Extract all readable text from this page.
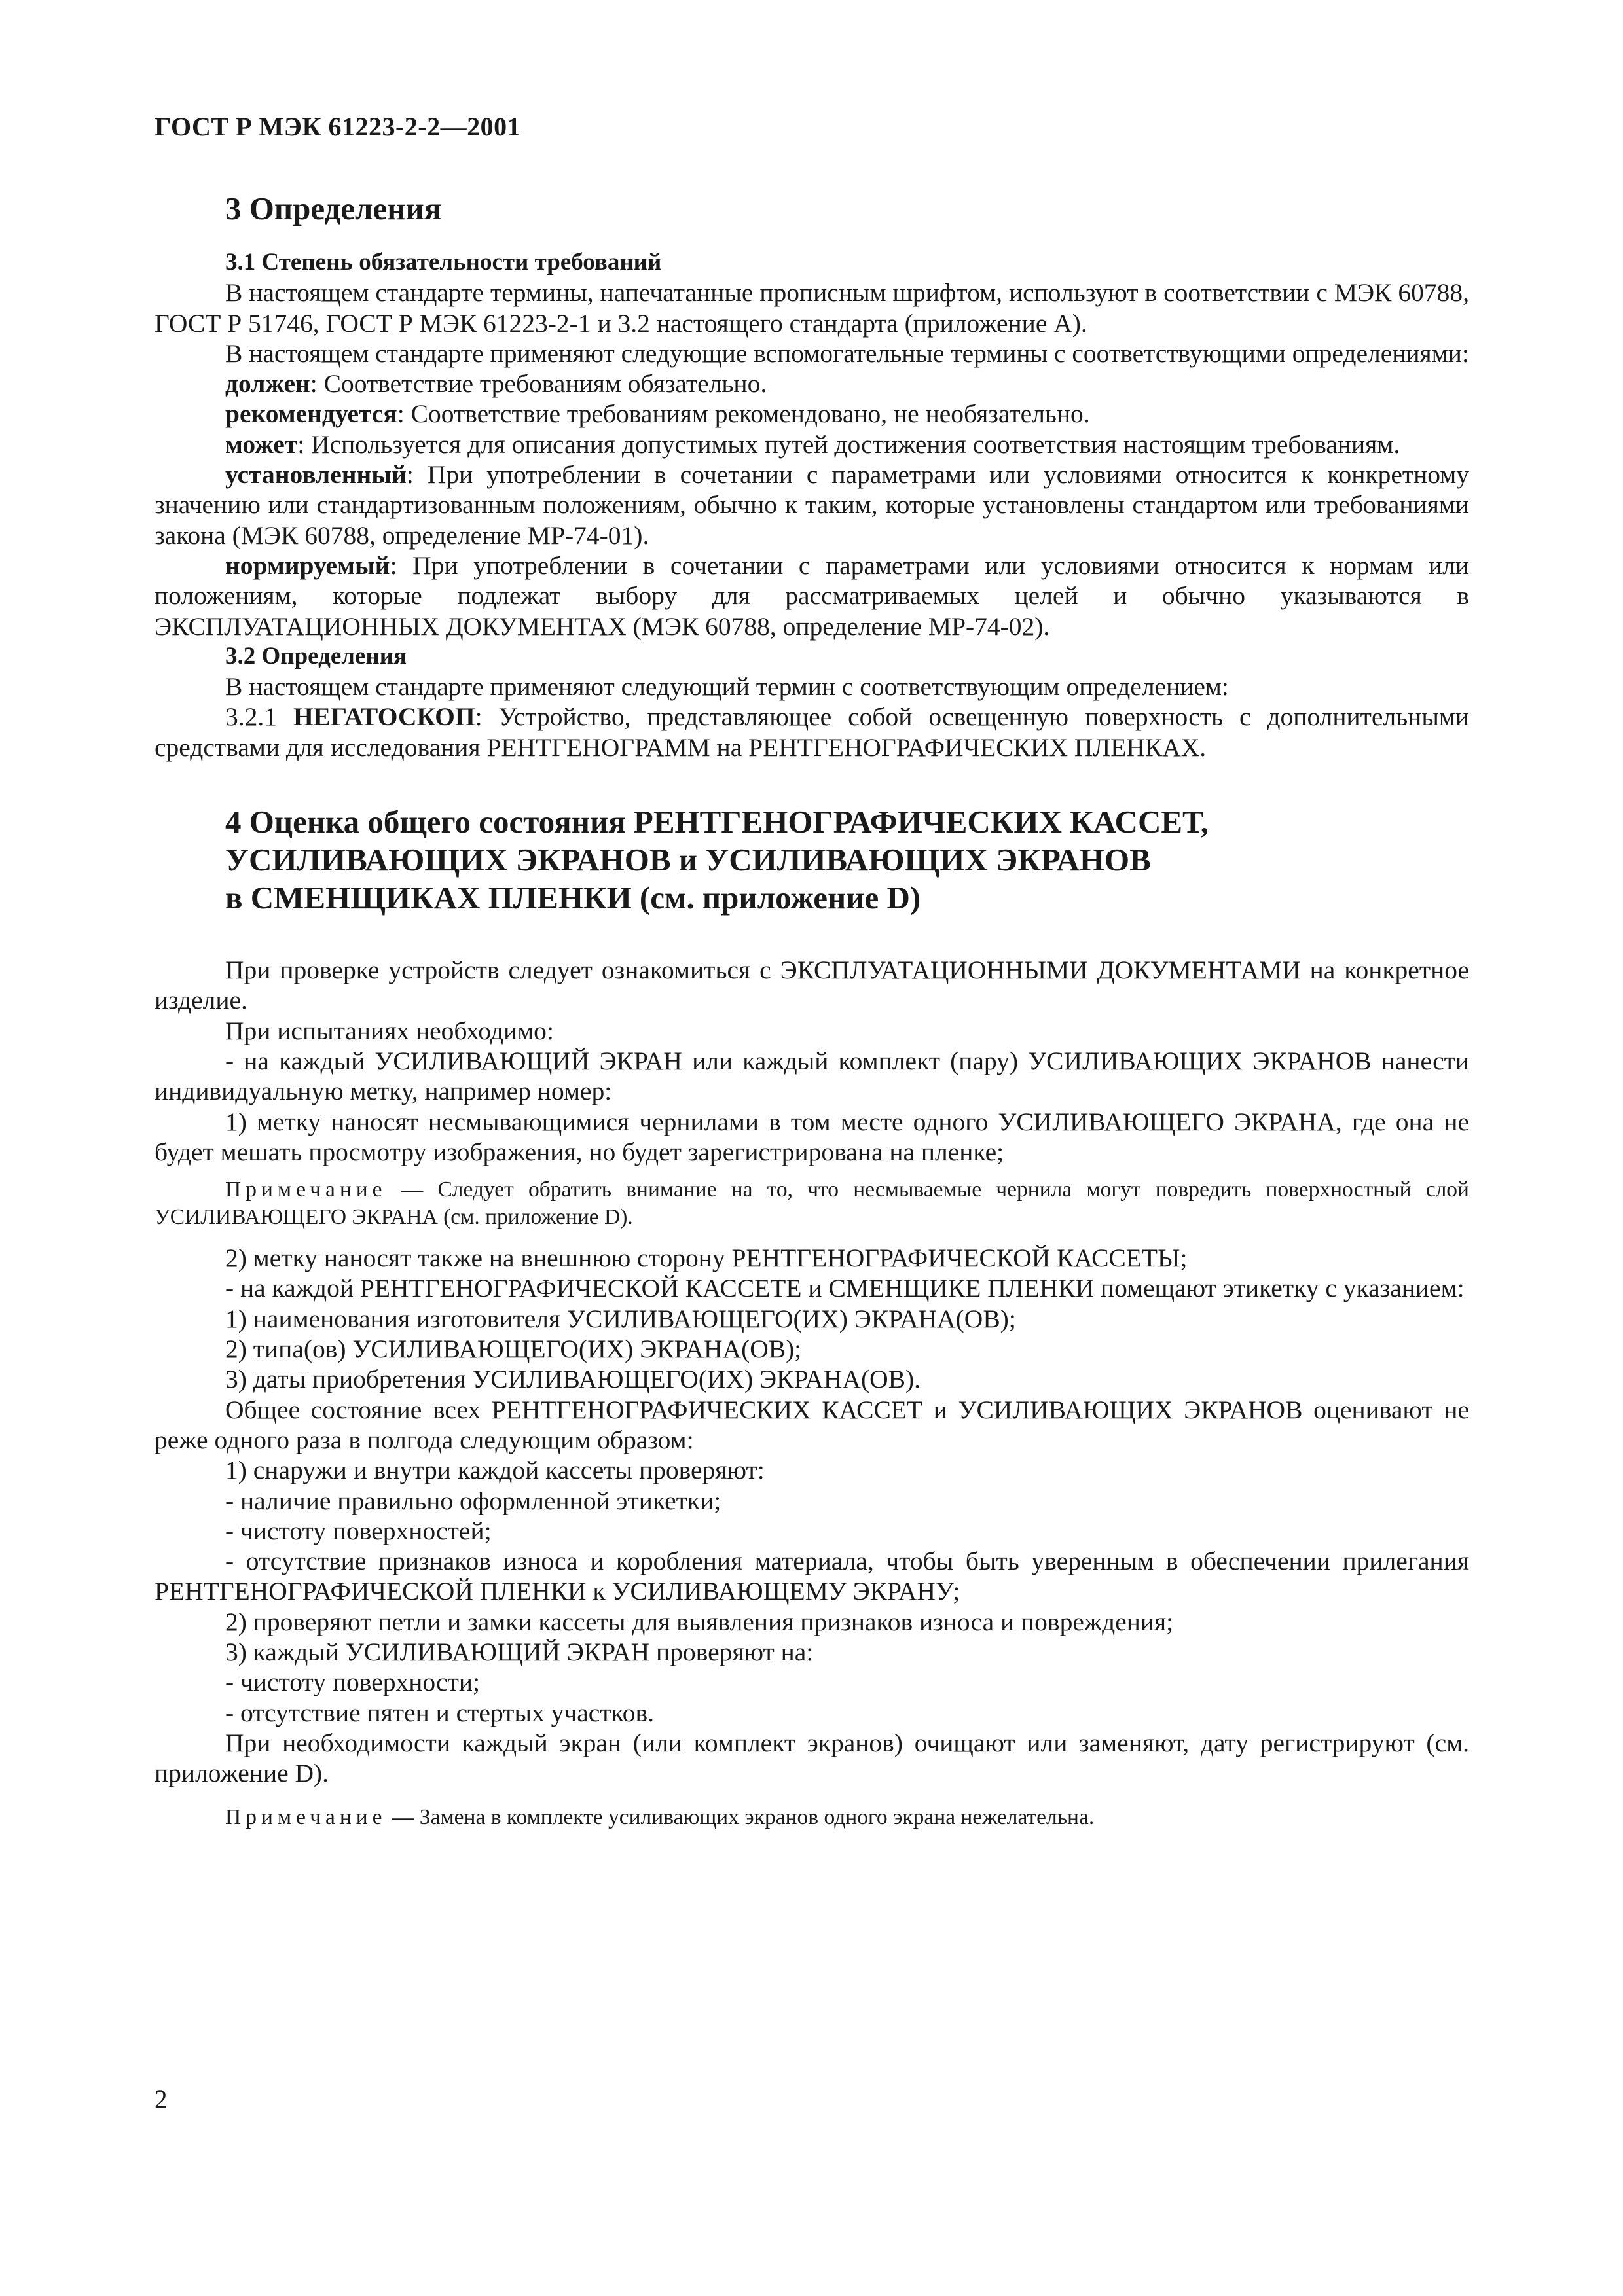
ГОСТ Р МЭК 61223-2-2—2001
3 Определения

3.1 Степень обязательности требований

В настоящем стандарте термины, напечатанные прописным шрифтом, используют в соответствии с МЭК 60788, ГОСТ Р 51746, ГОСТ Р МЭК 61223-2-1 и 3.2 настоящего стандарта (приложение А).

В настоящем стандарте применяют следующие вспомогательные термины с соответствующими определениями:

должен: Соответствие требованиям обязательно.

рекомендуется: Соответствие требованиям рекомендовано, не необязательно.

может: Используется для описания допустимых путей достижения соответствия настоящим требованиям.

установленный: При употреблении в сочетании с параметрами или условиями относится к конкретному значению или стандартизованным положениям, обычно к таким, которые установлены стандартом или требованиями закона (МЭК 60788, определение МР-74-01).

нормируемый: При употреблении в сочетании с параметрами или условиями относится к нормам или положениям, которые подлежат выбору для рассматриваемых целей и обычно указываются в ЭКСПЛУАТАЦИОННЫХ ДОКУМЕНТАХ (МЭК 60788, определение МР-74-02).

3.2 Определения

В настоящем стандарте применяют следующий термин с соответствующим определением:

3.2.1 НЕГАТОСКОП: Устройство, представляющее собой освещенную поверхность с дополнительными средствами для исследования РЕНТГЕНОГРАММ на РЕНТГЕНОГРАФИЧЕСКИХ ПЛЕНКАХ.

4 Оценка общего состояния РЕНТГЕНОГРАФИЧЕСКИХ КАССЕТ,
УСИЛИВАЮЩИХ ЭКРАНОВ и УСИЛИВАЮЩИХ ЭКРАНОВ
в СМЕНЩИКАХ ПЛЕНКИ (см. приложение D)

При проверке устройств следует ознакомиться с ЭКСПЛУАТАЦИОННЫМИ ДОКУМЕНТАМИ на конкретное изделие.

При испытаниях необходимо:

- на каждый УСИЛИВАЮЩИЙ ЭКРАН или каждый комплект (пару) УСИЛИВАЮЩИХ ЭКРАНОВ нанести индивидуальную метку, например номер:

1) метку наносят несмывающимися чернилами в том месте одного УСИЛИВАЮЩЕГО ЭКРАНА, где она не будет мешать просмотру изображения, но будет зарегистрирована на пленке;

Примечание — Следует обратить внимание на то, что несмываемые чернила могут повредить поверхностный слой УСИЛИВАЮЩЕГО ЭКРАНА (см. приложение D).

2) метку наносят также на внешнюю сторону РЕНТГЕНОГРАФИЧЕСКОЙ КАССЕТЫ;

- на каждой РЕНТГЕНОГРАФИЧЕСКОЙ КАССЕТЕ и СМЕНЩИКЕ ПЛЕНКИ помещают этикетку с указанием:

1) наименования изготовителя УСИЛИВАЮЩЕГО(ИХ) ЭКРАНА(ОВ);

2) типа(ов) УСИЛИВАЮЩЕГО(ИХ) ЭКРАНА(ОВ);

3) даты приобретения УСИЛИВАЮЩЕГО(ИХ) ЭКРАНА(ОВ).

Общее состояние всех РЕНТГЕНОГРАФИЧЕСКИХ КАССЕТ и УСИЛИВАЮЩИХ ЭКРАНОВ оценивают не реже одного раза в полгода следующим образом:

1) снаружи и внутри каждой кассеты проверяют:

- наличие правильно оформленной этикетки;

- чистоту поверхностей;

- отсутствие признаков износа и коробления материала, чтобы быть уверенным в обеспечении прилегания РЕНТГЕНОГРАФИЧЕСКОЙ ПЛЕНКИ к УСИЛИВАЮЩЕМУ ЭКРАНУ;

2) проверяют петли и замки кассеты для выявления признаков износа и повреждения;

3) каждый УСИЛИВАЮЩИЙ ЭКРАН проверяют на:

- чистоту поверхности;

- отсутствие пятен и стертых участков.

При необходимости каждый экран (или комплект экранов) очищают или заменяют, дату регистрируют (см. приложение D).

Примечание — Замена в комплекте усиливающих экранов одного экрана нежелательна.

2
